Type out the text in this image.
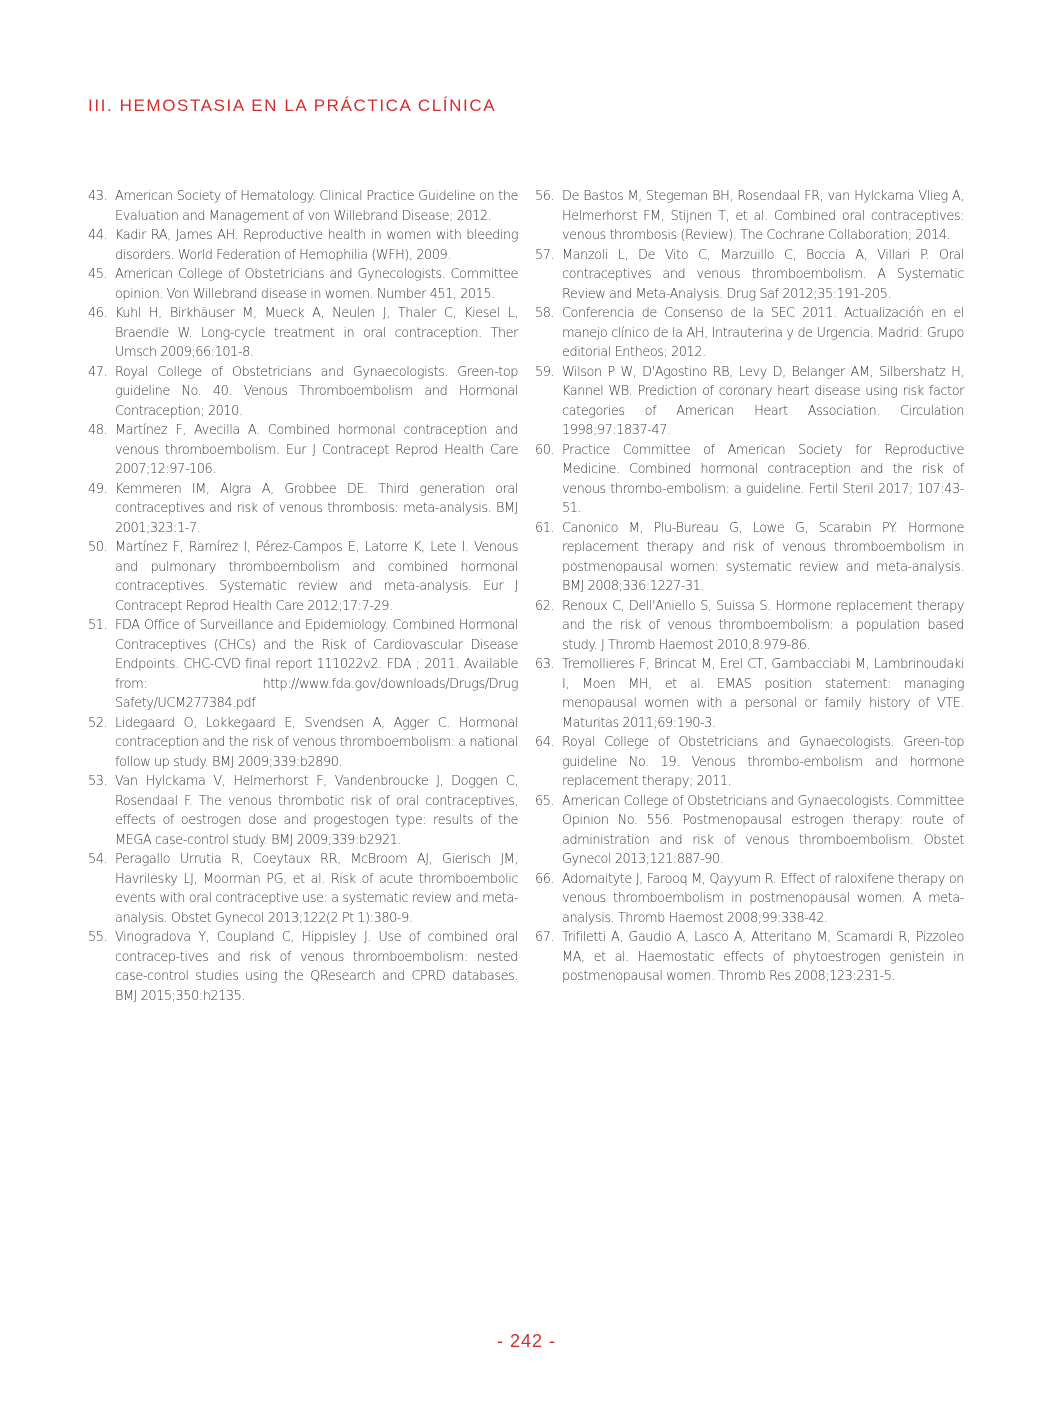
III. HEMOSTASIA EN LA PRÁCTICA CLÍNICA
43. American Society of Hematology. Clinical Practice Guideline on the Evaluation and Management of von Willebrand Disease; 2012.
44. Kadir RA, James AH. Reproductive health in women with bleeding disorders. World Federation of Hemophilia (WFH), 2009.
45. American College of Obstetricians and Gynecologists. Committee opinion. Von Willebrand disease in women. Number 451, 2015.
46. Kuhl H, Birkhäuser M, Mueck A, Neulen J, Thaler C, Kiesel L, Braendle W. Long-cycle treatment in oral contraception. Ther Umsch 2009;66:101-8.
47. Royal College of Obstetricians and Gynaecologists. Green-top guideline No. 40. Venous Thromboembolism and Hormonal Contraception; 2010.
48. Martínez F, Avecilla A. Combined hormonal contraception and venous thromboembolism. Eur J Contracept Reprod Health Care 2007;12:97-106.
49. Kemmeren IM, Algra A, Grobbee DE. Third generation oral contraceptives and risk of venous thrombosis: meta-analysis. BMJ 2001;323:1-7.
50. Martínez F, Ramírez I, Pérez-Campos E, Latorre K, Lete I. Venous and pulmonary thromboembolism and combined hormonal contraceptives. Systematic review and meta-analysis. Eur J Contracept Reprod Health Care 2012;17:7-29.
51. FDA Office of Surveillance and Epidemiology. Combined Hormonal Contraceptives (CHCs) and the Risk of Cardiovascular Disease Endpoints. CHC-CVD final report 111022v2. FDA ; 2011. Available from: http://www.fda.gov/downloads/Drugs/Drug Safety/UCM277384.pdf
52. Lidegaard O, Lokkegaard E, Svendsen A, Agger C. Hormonal contraception and the risk of venous thromboembolism: a national follow up study. BMJ 2009;339:b2890.
53. Van Hylckama V, Helmerhorst F, Vandenbroucke J, Doggen C, Rosendaal F. The venous thrombotic risk of oral contraceptives, effects of oestrogen dose and progestogen type: results of the MEGA case-control study. BMJ 2009;339:b2921.
54. Peragallo Urrutia R, Coeytaux RR, McBroom AJ, Gierisch JM, Havrilesky LJ, Moorman PG, et al. Risk of acute thromboembolic events with oral contraceptive use: a systematic review and meta-analysis. Obstet Gynecol 2013;122(2 Pt 1):380-9.
55. Vinogradova Y, Coupland C, Hippisley J. Use of combined oral contracep-tives and risk of venous thromboembolism: nested case-control studies using the QResearch and CPRD databases. BMJ 2015;350:h2135.
56. De Bastos M, Stegeman BH, Rosendaal FR, van Hylckama Vlieg A, Helmerhorst FM, Stijnen T, et al. Combined oral contraceptives: venous thrombosis (Review). The Cochrane Collaboration; 2014.
57. Manzoli L, De Vito C, Marzuillo C, Boccia A, Villari P. Oral contraceptives and venous thromboembolism. A Systematic Review and Meta-Analysis. Drug Saf 2012;35:191-205.
58. Conferencia de Consenso de la SEC 2011. Actualización en el manejo clínico de la AH, Intrauterina y de Urgencia. Madrid: Grupo editorial Entheos; 2012.
59. Wilson P W, D'Agostino RB, Levy D, Belanger AM, Silbershatz H, Kannel WB. Prediction of coronary heart disease using risk factor categories of American Heart Association. Circulation 1998;97:1837-47.
60. Practice Committee of American Society for Reproductive Medicine. Combined hormonal contraception and the risk of venous thrombo-embolism: a guideline. Fertil Steril 2017; 107:43-51.
61. Canonico M, Plu-Bureau G, Lowe G, Scarabin PY. Hormone replacement therapy and risk of venous thromboembolism in postmenopausal women: systematic review and meta-analysis. BMJ 2008;336:1227-31.
62. Renoux C, Dell'Aniello S, Suissa S. Hormone replacement therapy and the risk of venous thromboembolism: a population based study. J Thromb Haemost 2010;8:979-86.
63. Tremollieres F, Brincat M, Erel CT, Gambacciabi M, Lambrinoudaki I, Moen MH, et al. EMAS position statement: managing menopausal women with a personal or family history of VTE. Maturitas 2011;69:190-3.
64. Royal College of Obstetricians and Gynaecologists. Green-top guideline No. 19. Venous thrombo-embolism and hormone replacement therapy; 2011.
65. American College of Obstetricians and Gynaecologists. Committee Opinion No. 556. Postmenopausal estrogen therapy: route of administration and risk of venous thromboembolism. Obstet Gynecol 2013;121:887-90.
66. Adomaityte J, Farooq M, Qayyum R. Effect of raloxifene therapy on venous thromboembolism in postmenopausal women. A meta-analysis. Thromb Haemost 2008;99:338-42.
67. Trifiletti A, Gaudio A, Lasco A, Atteritano M, Scamardi R, Pizzoleo MA, et al. Haemostatic effects of phytoestrogen genistein in postmenopausal women. Thromb Res 2008;123:231-5.
- 242 -
